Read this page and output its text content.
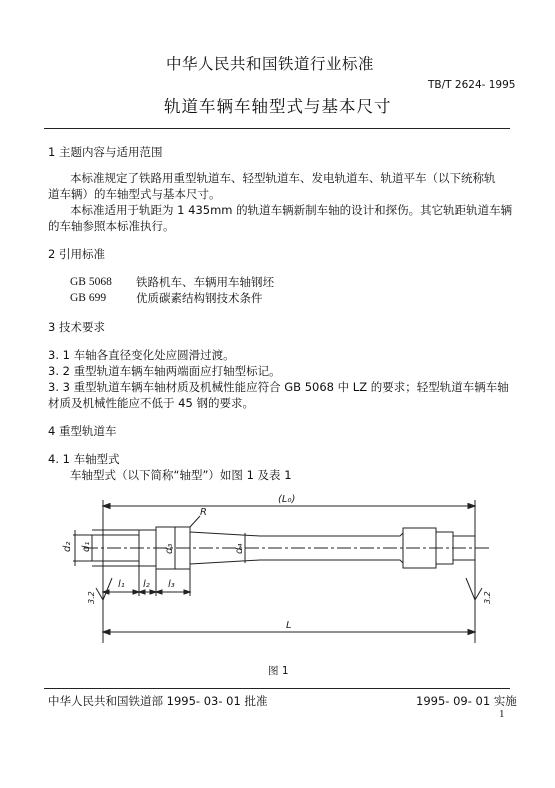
中华人民共和国铁道行业标准
TB/T 2624- 1995
轨道车辆车轴型式与基本尺寸
1 主题内容与适用范围
本标准规定了铁路用重型轨道车、轻型轨道车、发电轨道车、轨道平车（以下统称轨
道车辆）的车轴型式与基本尺寸。
本标准适用于轨距为 1 435mm 的轨道车辆新制车轴的设计和探伤。其它轨距轨道车辆
的车轴参照本标准执行。
2 引用标准
GB 5068 铁路机车、车辆用车轴钢坯
GB 699	优质碳素结构钢技术条件
3 技术要求
3. 1 车轴各直径变化处应圆滑过渡。
3. 2 重型轨道车辆车轴两端面应打轴型标记。
3. 3 重型轨道车辆车轴材质及机械性能应符合 GB 5068 中 LZ 的要求；轻型轨道车辆车轴
材质及机械性能应不低于 45 钢的要求。
4 重型轨道车
4. 1 车轴型式
车轴型式（以下简称“轴型”）如图 1 及表 1
(L₀)
R
d₂ d₁	d₃	d₄
l₁ l₂ l₃
L
3.2	3.2
图 1
中华人民共和国铁道部 1995- 03- 01 批准	1995- 09- 01 实施
1
